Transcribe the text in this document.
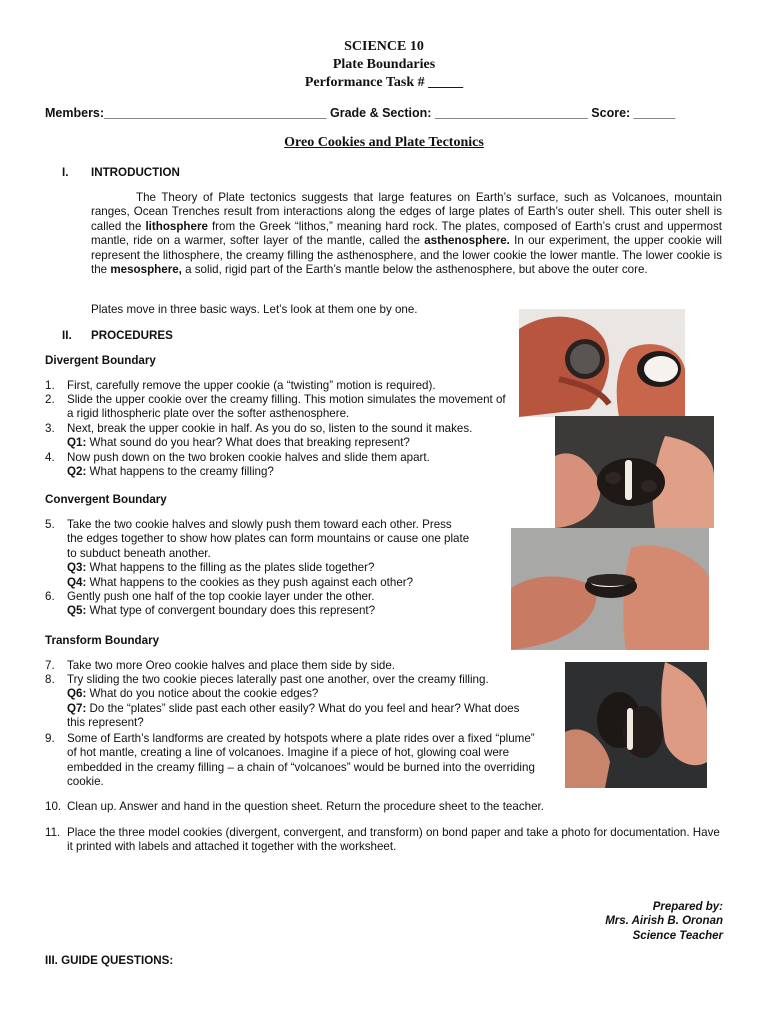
SCIENCE 10
Plate Boundaries
Performance Task # _____
Members:________________________________ Grade & Section: ______________________ Score: ______
Oreo Cookies and Plate Tectonics
I. INTRODUCTION
The Theory of Plate tectonics suggests that large features on Earth’s surface, such as Volcanoes, mountain ranges, Ocean Trenches result from interactions along the edges of large plates of Earth’s outer shell. This outer shell is called the lithosphere from the Greek “lithos,” meaning hard rock. The plates, composed of Earth’s crust and uppermost mantle, ride on a warmer, softer layer of the mantle, called the asthenosphere. In our experiment, the upper cookie will represent the lithosphere, the creamy filling the asthenosphere, and the lower cookie the lower mantle. The lower cookie is the mesosphere, a solid, rigid part of the Earth’s mantle below the asthenosphere, but above the outer core.
Plates move in three basic ways. Let’s look at them one by one.
II. PROCEDURES
Divergent Boundary
1. First, carefully remove the upper cookie (a “twisting” motion is required).
2. Slide the upper cookie over the creamy filling. This motion simulates the movement of a rigid lithospheric plate over the softer asthenosphere.
3. Next, break the upper cookie in half. As you do so, listen to the sound it makes.
Q1: What sound do you hear? What does that breaking represent?
4. Now push down on the two broken cookie halves and slide them apart.
Q2: What happens to the creamy filling?
Convergent Boundary
5. Take the two cookie halves and slowly push them toward each other. Press the edges together to show how plates can form mountains or cause one plate to subduct beneath another.
Q3: What happens to the filling as the plates slide together?
Q4: What happens to the cookies as they push against each other?
6. Gently push one half of the top cookie layer under the other.
Q5: What type of convergent boundary does this represent?
Transform Boundary
7. Take two more Oreo cookie halves and place them side by side.
8. Try sliding the two cookie pieces laterally past one another, over the creamy filling.
Q6: What do you notice about the cookie edges?
Q7: Do the “plates” slide past each other easily? What do you feel and hear? What does this represent?
9. Some of Earth’s landforms are created by hotspots where a plate rides over a fixed “plume” of hot mantle, creating a line of volcanoes. Imagine if a piece of hot, glowing coal were embedded in the creamy filling – a chain of “volcanoes” would be burned into the overriding cookie.
10. Clean up. Answer and hand in the question sheet. Return the procedure sheet to the teacher.
11. Place the three model cookies (divergent, convergent, and transform) on bond paper and take a photo for documentation. Have it printed with labels and attached it together with the worksheet.
Prepared by:
Mrs. Airish B. Oronan
Science Teacher
III. GUIDE QUESTIONS:
